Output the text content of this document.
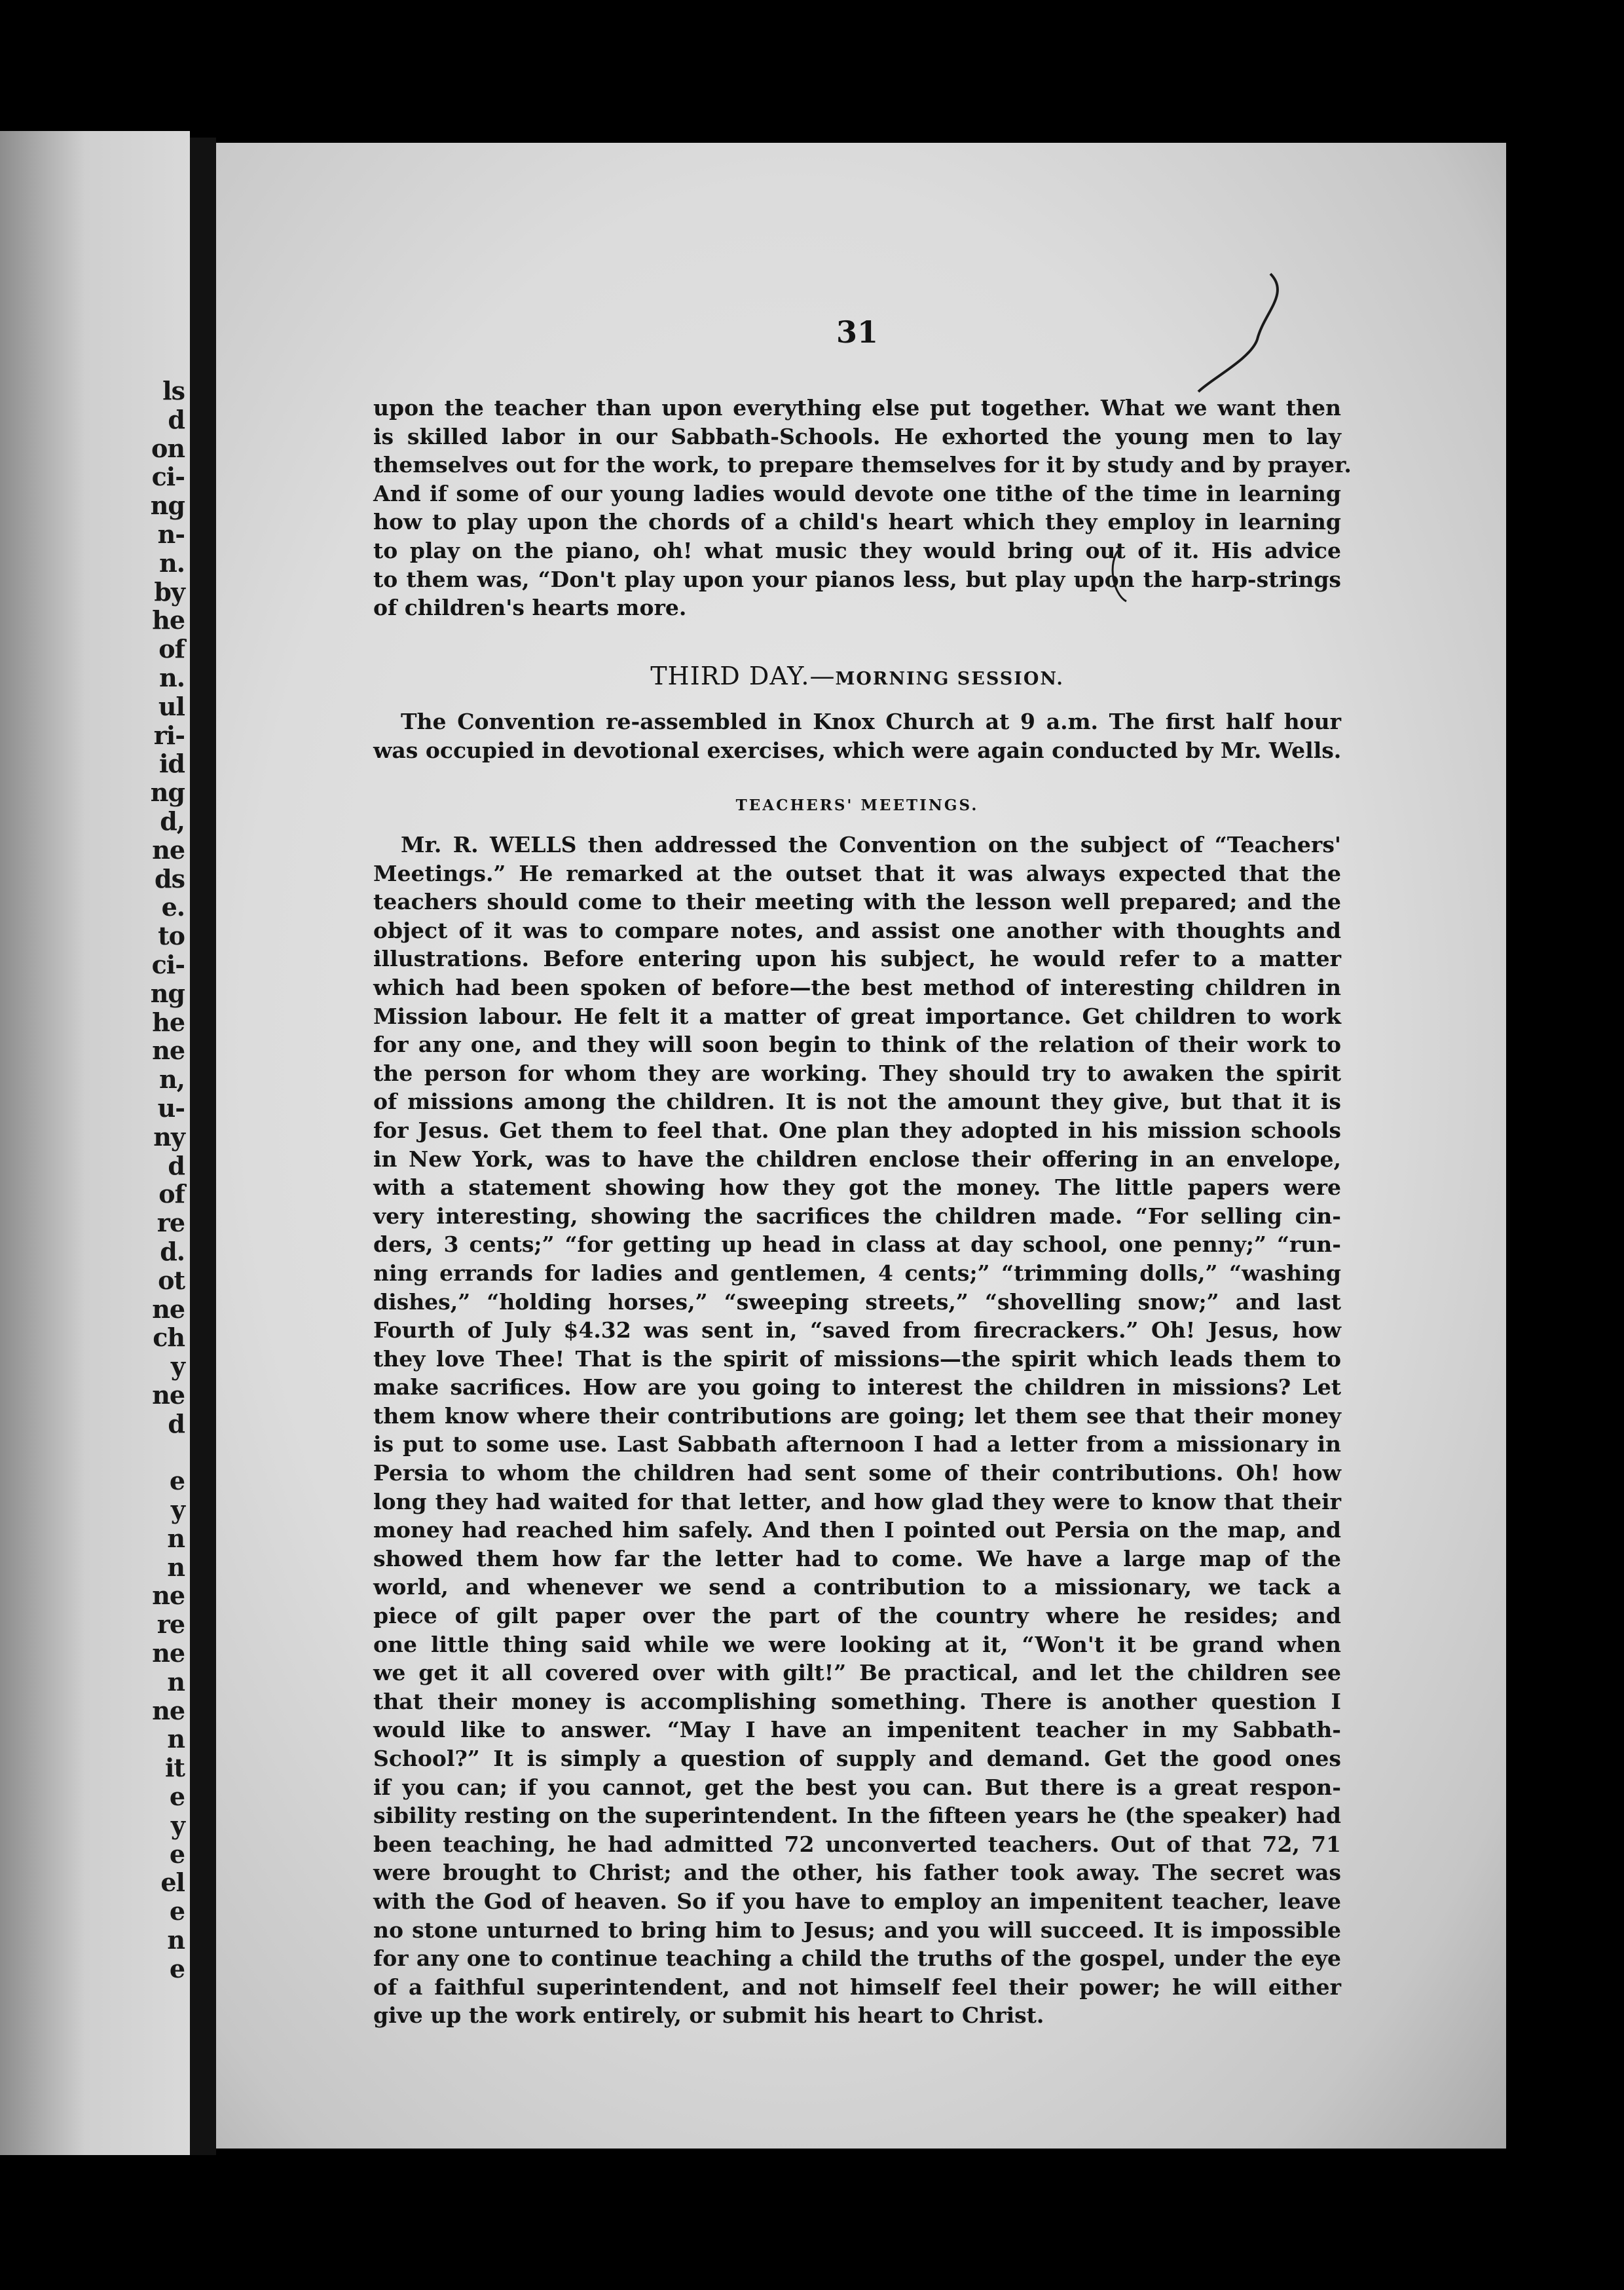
ls
d
on
ci-
ng
n-
n.
by
he
of
n.
ul
ri-
id
ng
d,
ne
ds
e.
to
ci-
ng
he
ne
n,
u-
ny
d
of
re
d.
ot
ne
ch
y
ne
d

e
y
n
n
ne
re
ne
n
ne
n
it
e
y
e
el
e
n
e
31
upon the teacher than upon everything else put together. What we want then
is skilled labor in our Sabbath-Schools. He exhorted the young men to lay
themselves out for the work, to prepare themselves for it by study and by prayer.
And if some of our young ladies would devote one tithe of the time in learning
how to play upon the chords of a child's heart which they employ in learning
to play on the piano, oh! what music they would bring out of it. His advice
to them was, “Don't play upon your pianos less, but play upon the harp-strings
of children's hearts more.
THIRD DAY.—MORNING SESSION.
The Convention re-assembled in Knox Church at 9 a.m. The first half hour
was occupied in devotional exercises, which were again conducted by Mr. Wells.
TEACHERS' MEETINGS.
Mr. R. WELLS then addressed the Convention on the subject of “Teachers'
Meetings.” He remarked at the outset that it was always expected that the
teachers should come to their meeting with the lesson well prepared; and the
object of it was to compare notes, and assist one another with thoughts and
illustrations. Before entering upon his subject, he would refer to a matter
which had been spoken of before—the best method of interesting children in
Mission labour. He felt it a matter of great importance. Get children to work
for any one, and they will soon begin to think of the relation of their work to
the person for whom they are working. They should try to awaken the spirit
of missions among the children. It is not the amount they give, but that it is
for Jesus. Get them to feel that. One plan they adopted in his mission schools
in New York, was to have the children enclose their offering in an envelope,
with a statement showing how they got the money. The little papers were
very interesting, showing the sacrifices the children made. “For selling cin-
ders, 3 cents;” “for getting up head in class at day school, one penny;” “run-
ning errands for ladies and gentlemen, 4 cents;” “trimming dolls,” “washing
dishes,” “holding horses,” “sweeping streets,” “shovelling snow;” and last
Fourth of July $4.32 was sent in, “saved from firecrackers.” Oh! Jesus, how
they love Thee! That is the spirit of missions—the spirit which leads them to
make sacrifices. How are you going to interest the children in missions? Let
them know where their contributions are going; let them see that their money
is put to some use. Last Sabbath afternoon I had a letter from a missionary in
Persia to whom the children had sent some of their contributions. Oh! how
long they had waited for that letter, and how glad they were to know that their
money had reached him safely. And then I pointed out Persia on the map, and
showed them how far the letter had to come. We have a large map of the
world, and whenever we send a contribution to a missionary, we tack a
piece of gilt paper over the part of the country where he resides; and
one little thing said while we were looking at it, “Won't it be grand when
we get it all covered over with gilt!” Be practical, and let the children see
that their money is accomplishing something. There is another question I
would like to answer. “May I have an impenitent teacher in my Sabbath-
School?” It is simply a question of supply and demand. Get the good ones
if you can; if you cannot, get the best you can. But there is a great respon-
sibility resting on the superintendent. In the fifteen years he (the speaker) had
been teaching, he had admitted 72 unconverted teachers. Out of that 72, 71
were brought to Christ; and the other, his father took away. The secret was
with the God of heaven. So if you have to employ an impenitent teacher, leave
no stone unturned to bring him to Jesus; and you will succeed. It is impossible
for any one to continue teaching a child the truths of the gospel, under the eye
of a faithful superintendent, and not himself feel their power; he will either
give up the work entirely, or submit his heart to Christ.
